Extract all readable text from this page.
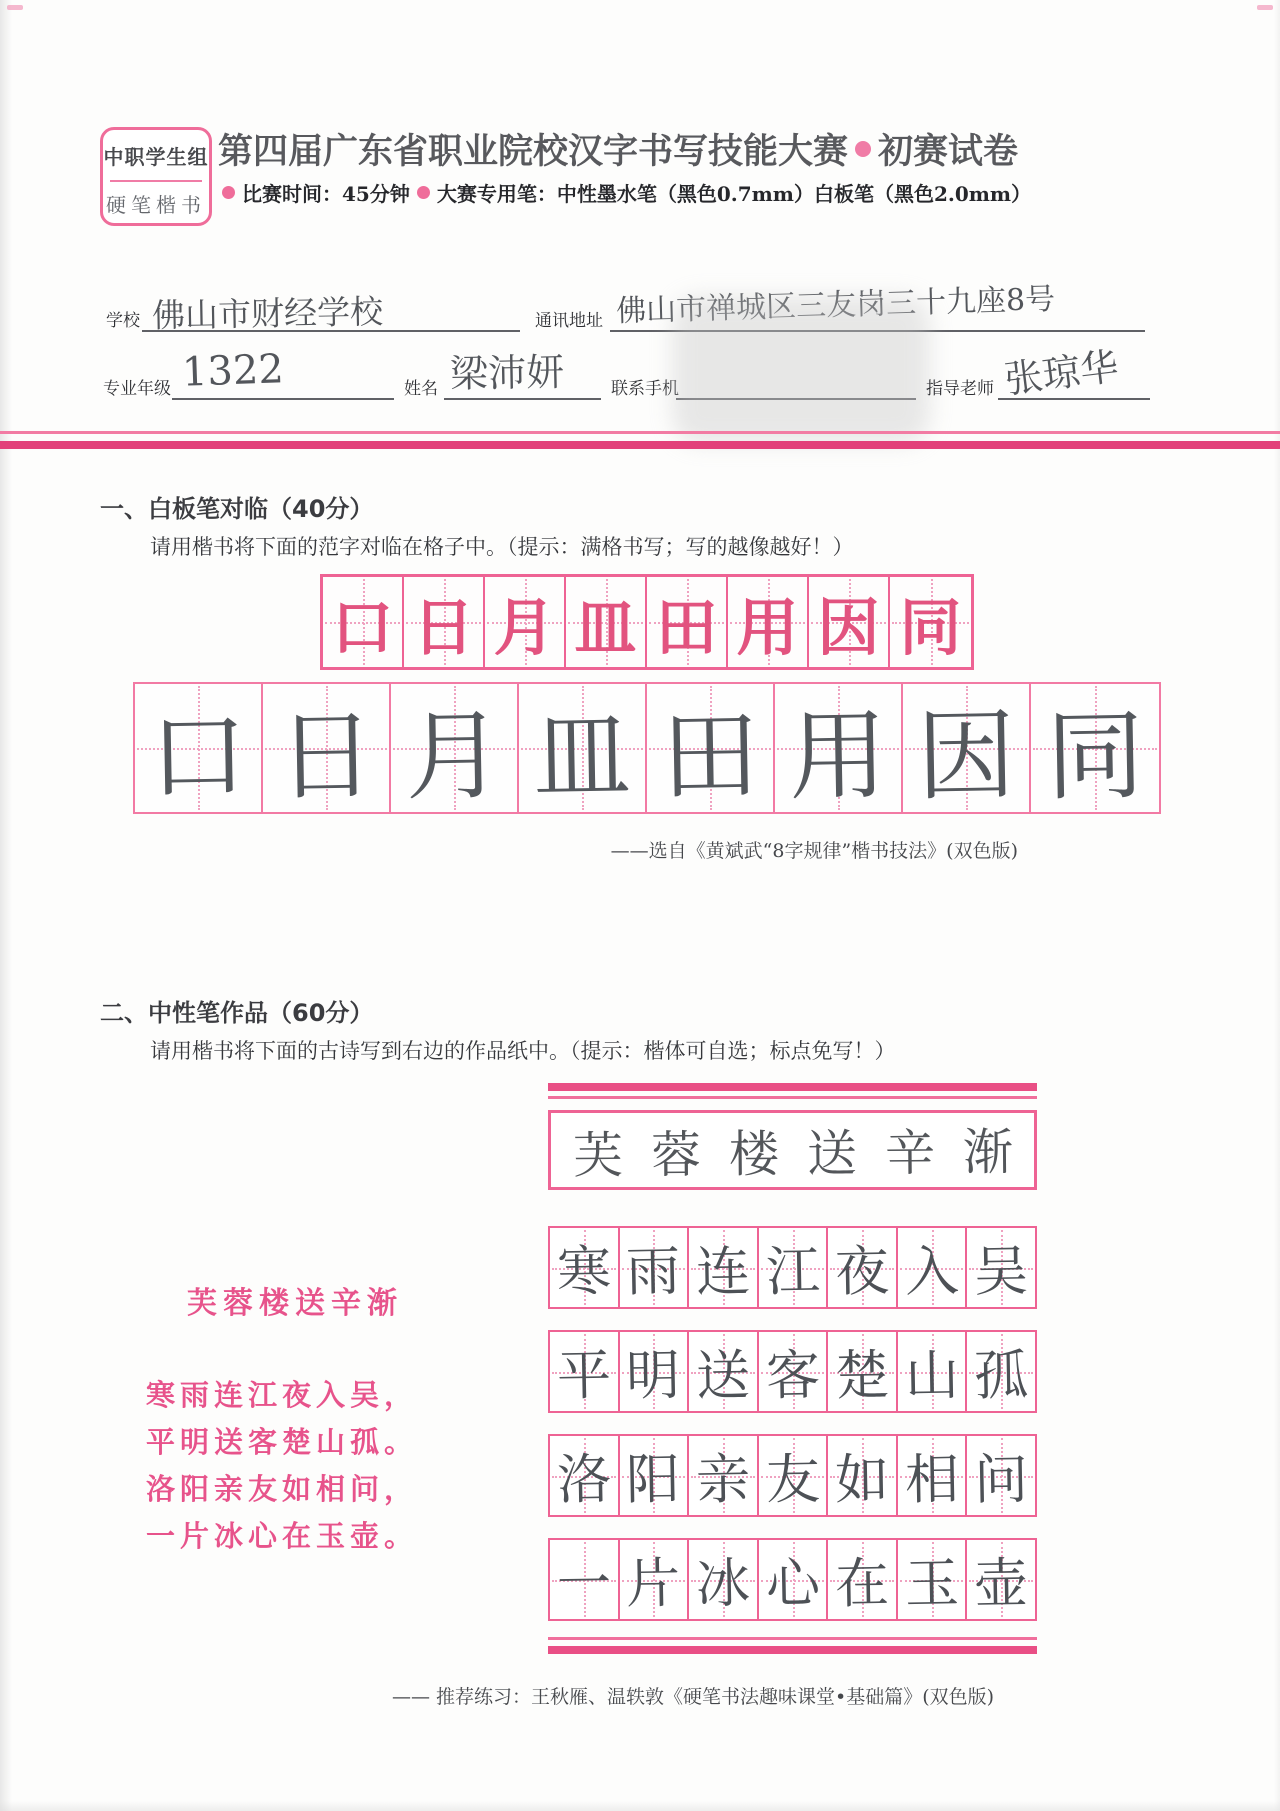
中职学生组
硬笔楷书
第四届广东省职业院校汉字书写技能大赛 初赛试卷
比赛时间：45分钟 大赛专用笔：中性墨水笔（黑色0.7mm）白板笔（黑色2.0mm）
学校 佛山市财经学校	通讯地址 佛山市禅城区三友岗三十九座8号
专业年级 1322	姓名 梁沛妍	联系手机	指导老师 张琼华
一、白板笔对临（40分）
请用楷书将下面的范字对临在格子中。（提示：满格书写；写的越像越好！）
口 日 月 皿 田 用 因 同
口 日 月 皿 田 用 因 同
——选自《黄斌武“8字规律”楷书技法》(双色版)
二、中性笔作品（60分）
请用楷书将下面的古诗写到右边的作品纸中。（提示：楷体可自选；标点免写！）
芙蓉楼送辛渐
寒雨连江夜入吴，
平明送客楚山孤。
洛阳亲友如相问，
一片冰心在玉壶。
芙蓉楼送辛渐
寒 雨 连 江 夜 入 吴
平 明 送 客 楚 山 孤
洛 阳 亲 友 如 相 问
一 片 冰 心 在 玉 壶
—— 推荐练习：王秋雁、温轶敦《硬笔书法趣味课堂•基础篇》(双色版)
